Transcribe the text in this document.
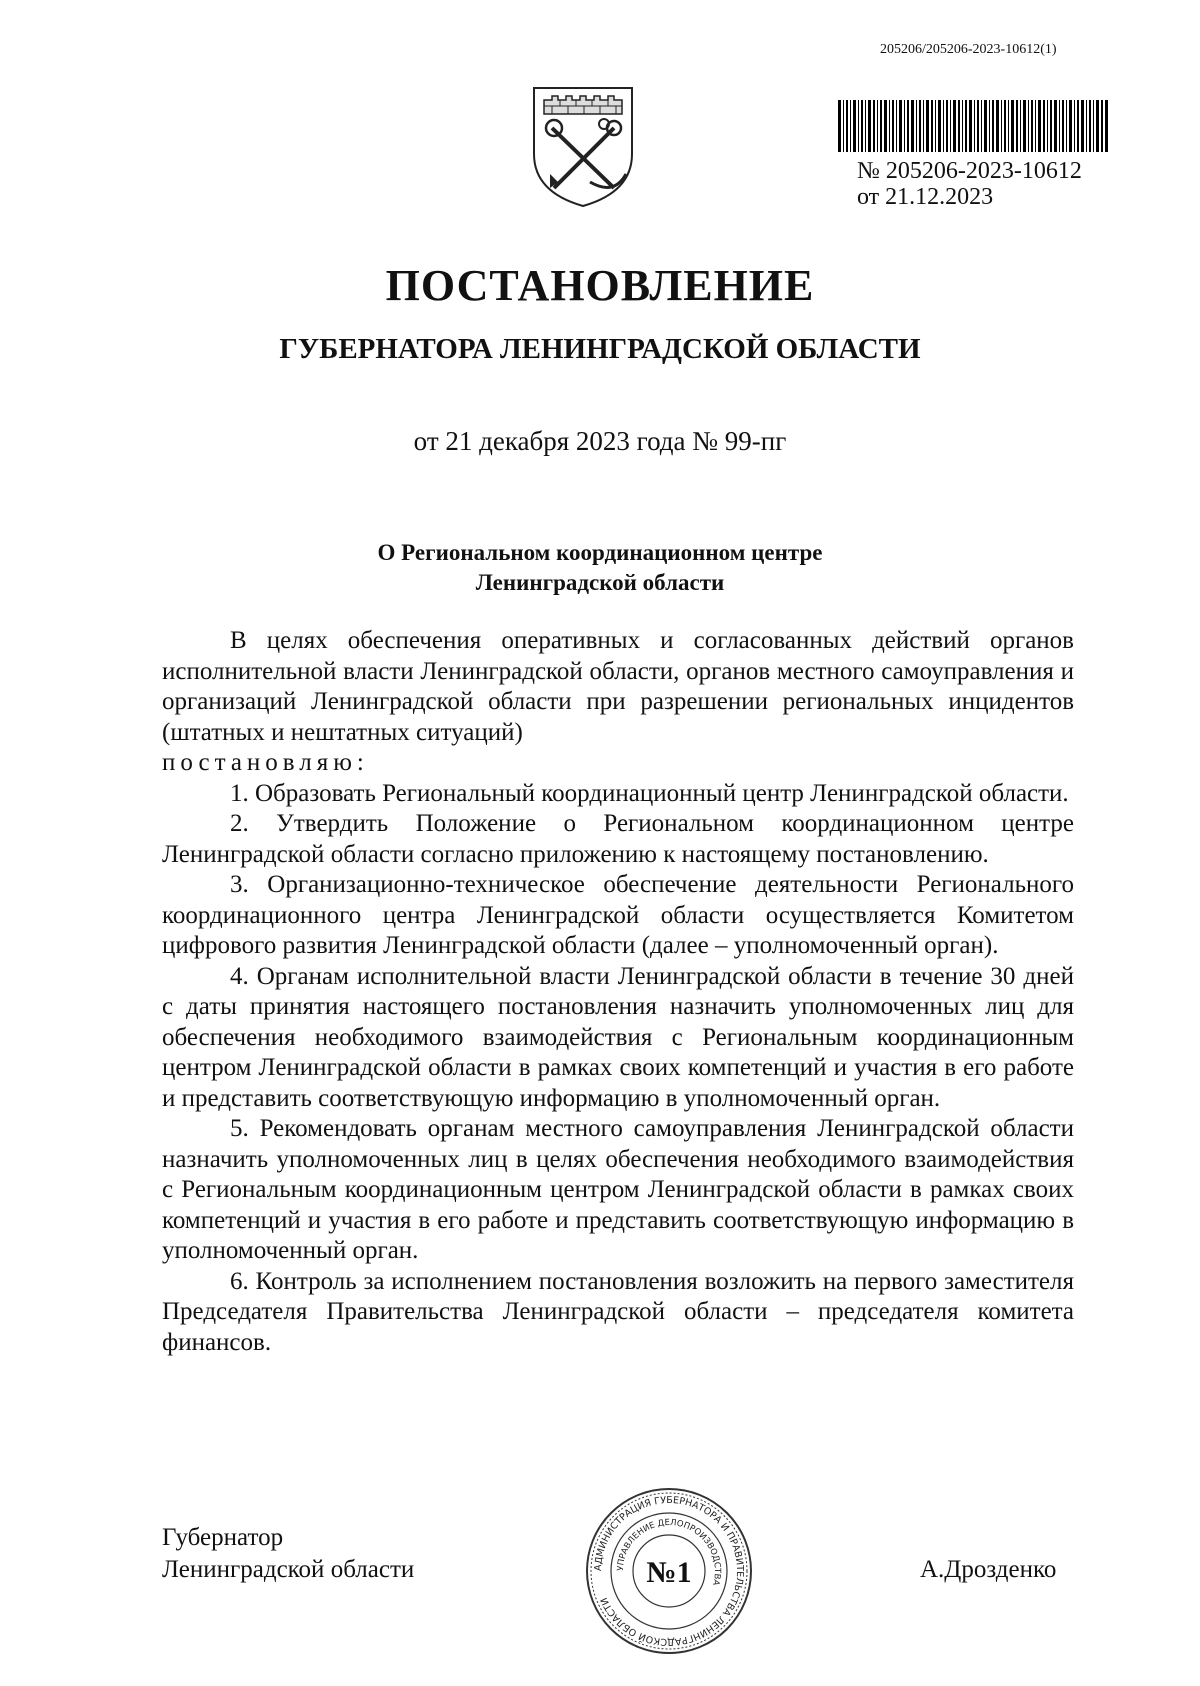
205206/205206-2023-10612(1)
№ 205206-2023-10612
от 21.12.2023
ПОСТАНОВЛЕНИЕ
ГУБЕРНАТОРА ЛЕНИНГРАДСКОЙ ОБЛАСТИ
от 21 декабря 2023 года № 99-пг
О Региональном координационном центре
Ленинградской области

В целях обеспечения оперативных и согласованных действий органов исполнительной власти Ленинградской области, органов местного самоуправления и организаций Ленинградской области при разрешении региональных инцидентов (штатных и нештатных ситуаций)

постановляю:

1. Образовать Региональный координационный центр Ленинградской области.

2. Утвердить Положение о Региональном координационном центре Ленинградской области согласно приложению к настоящему постановлению.

3. Организационно-техническое обеспечение деятельности Регионального координационного центра Ленинградской области осуществляется Комитетом цифрового развития Ленинградской области (далее – уполномоченный орган).

4. Органам исполнительной власти Ленинградской области в течение 30 дней с даты принятия настоящего постановления назначить уполномоченных лиц для обеспечения необходимого взаимодействия с Региональным координационным центром Ленинградской области в рамках своих компетенций и участия в его работе и представить соответствующую информацию в уполномоченный орган.

5. Рекомендовать органам местного самоуправления Ленинградской области назначить уполномоченных лиц в целях обеспечения необходимого взаимодействия с Региональным координационным центром Ленинградской области в рамках своих компетенций и участия в его работе и представить соответствующую информацию в уполномоченный орган.

6. Контроль за исполнением постановления возложить на первого заместителя Председателя Правительства Ленинградской области – председателя комитета финансов.

Губернатор
Ленинградской области	А.Дрозденко
АДМИНИСТРАЦИЯ ГУБЕРНАТОРА И ПРАВИТЕЛЬСТВА ЛЕНИНГРАДСКОЙ ОБЛАСТИ
УПРАВЛЕНИЕ ДЕЛОПРОИЗВОДСТВА
№1
